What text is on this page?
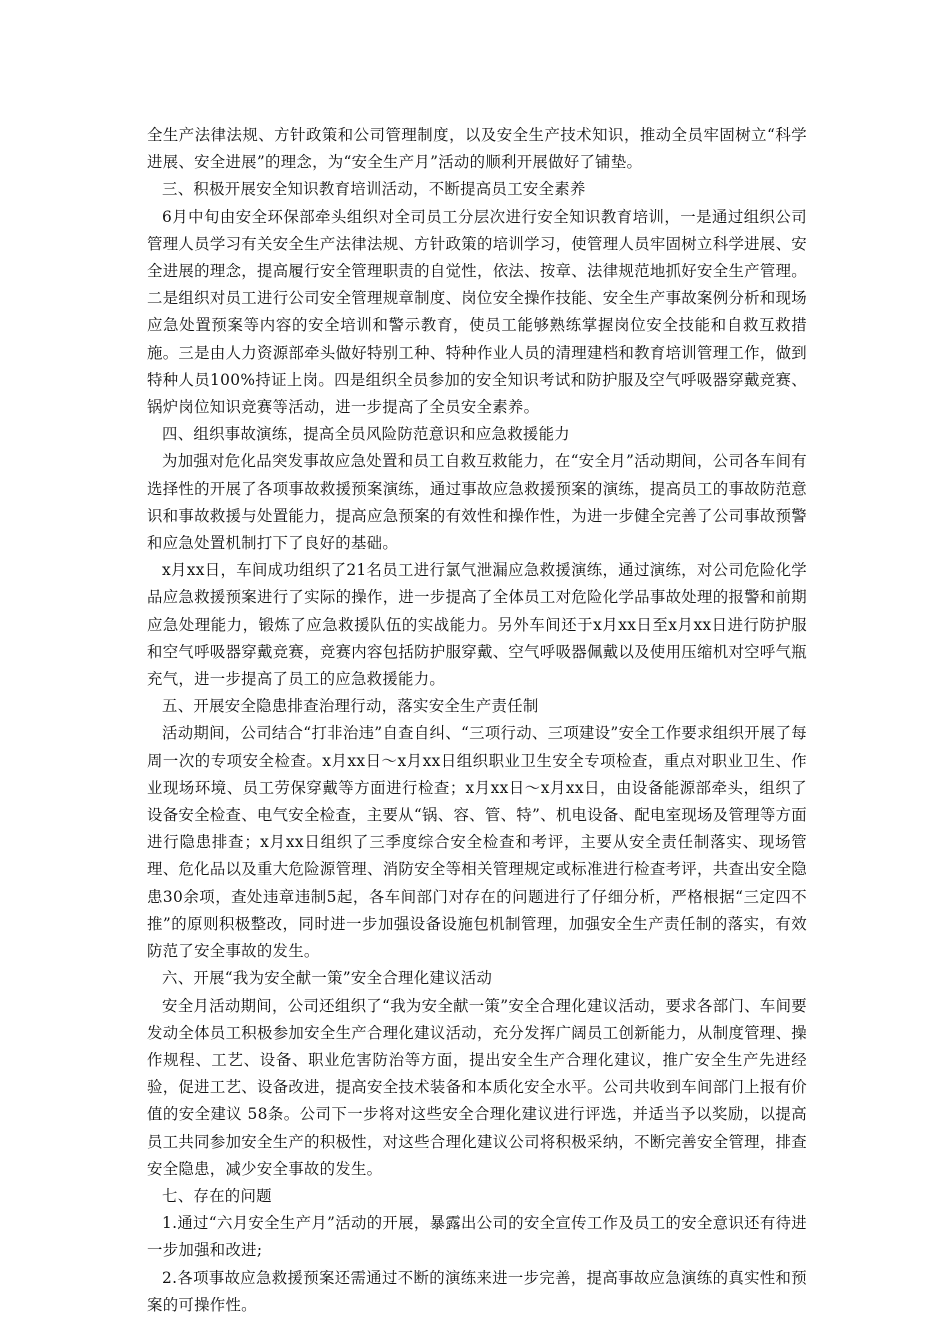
全生产法律法规、方针政策和公司管理制度，以及安全生产技术知识，推动全员牢固树立“科学进展、安全进展”的理念，为“安全生产月”活动的顺利开展做好了铺垫。

三、积极开展安全知识教育培训活动，不断提高员工安全素养

6月中旬由安全环保部牵头组织对全司员工分层次进行安全知识教育培训，一是通过组织公司管理人员学习有关安全生产法律法规、方针政策的培训学习，使管理人员牢固树立科学进展、安全进展的理念，提高履行安全管理职责的自觉性，依法、按章、法律规范地抓好安全生产管理。二是组织对员工进行公司安全管理规章制度、岗位安全操作技能、安全生产事故案例分析和现场应急处置预案等内容的安全培训和警示教育，使员工能够熟练掌握岗位安全技能和自救互救措施。三是由人力资源部牵头做好特别工种、特种作业人员的清理建档和教育培训管理工作，做到特种人员100%持证上岗。四是组织全员参加的安全知识考试和防护服及空气呼吸器穿戴竞赛、锅炉岗位知识竞赛等活动，进一步提高了全员安全素养。

四、组织事故演练，提高全员风险防范意识和应急救援能力

为加强对危化品突发事故应急处置和员工自救互救能力，在“安全月”活动期间，公司各车间有选择性的开展了各项事故救援预案演练，通过事故应急救援预案的演练，提高员工的事故防范意识和事故救援与处置能力，提高应急预案的有效性和操作性，为进一步健全完善了公司事故预警和应急处置机制打下了良好的基础。

x月xx日，车间成功组织了21名员工进行氯气泄漏应急救援演练，通过演练，对公司危险化学品应急救援预案进行了实际的操作，进一步提高了全体员工对危险化学品事故处理的报警和前期应急处理能力，锻炼了应急救援队伍的实战能力。另外车间还于x月xx日至x月xx日进行防护服和空气呼吸器穿戴竞赛，竞赛内容包括防护服穿戴、空气呼吸器佩戴以及使用压缩机对空呼气瓶充气，进一步提高了员工的应急救援能力。

五、开展安全隐患排查治理行动，落实安全生产责任制

活动期间，公司结合“打非治违”自查自纠、“三项行动、三项建设”安全工作要求组织开展了每周一次的专项安全检查。x月xx日～x月xx日组织职业卫生安全专项检查，重点对职业卫生、作业现场环境、员工劳保穿戴等方面进行检查；x月xx日～x月xx日，由设备能源部牵头，组织了设备安全检查、电气安全检查，主要从“锅、容、管、特”、机电设备、配电室现场及管理等方面进行隐患排查；x月xx日组织了三季度综合安全检查和考评，主要从安全责任制落实、现场管理、危化品以及重大危险源管理、消防安全等相关管理规定或标准进行检查考评，共查出安全隐患30余项，查处违章违制5起，各车间部门对存在的问题进行了仔细分析，严格根据“三定四不推”的原则积极整改，同时进一步加强设备设施包机制管理，加强安全生产责任制的落实，有效防范了安全事故的发生。

六、开展“我为安全献一策”安全合理化建议活动

安全月活动期间，公司还组织了“我为安全献一策”安全合理化建议活动，要求各部门、车间要发动全体员工积极参加安全生产合理化建议活动，充分发挥广阔员工创新能力，从制度管理、操作规程、工艺、设备、职业危害防治等方面，提出安全生产合理化建议，推广安全生产先进经验，促进工艺、设备改进，提高安全技术装备和本质化安全水平。公司共收到车间部门上报有价值的安全建议 58条。公司下一步将对这些安全合理化建议进行评选，并适当予以奖励，以提高员工共同参加安全生产的积极性，对这些合理化建议公司将积极采纳，不断完善安全管理，排查安全隐患，减少安全事故的发生。

七、存在的问题

1.通过“六月安全生产月”活动的开展，暴露出公司的安全宣传工作及员工的安全意识还有待进一步加强和改进;

2.各项事故应急救援预案还需通过不断的演练来进一步完善，提高事故应急演练的真实性和预案的可操作性。
